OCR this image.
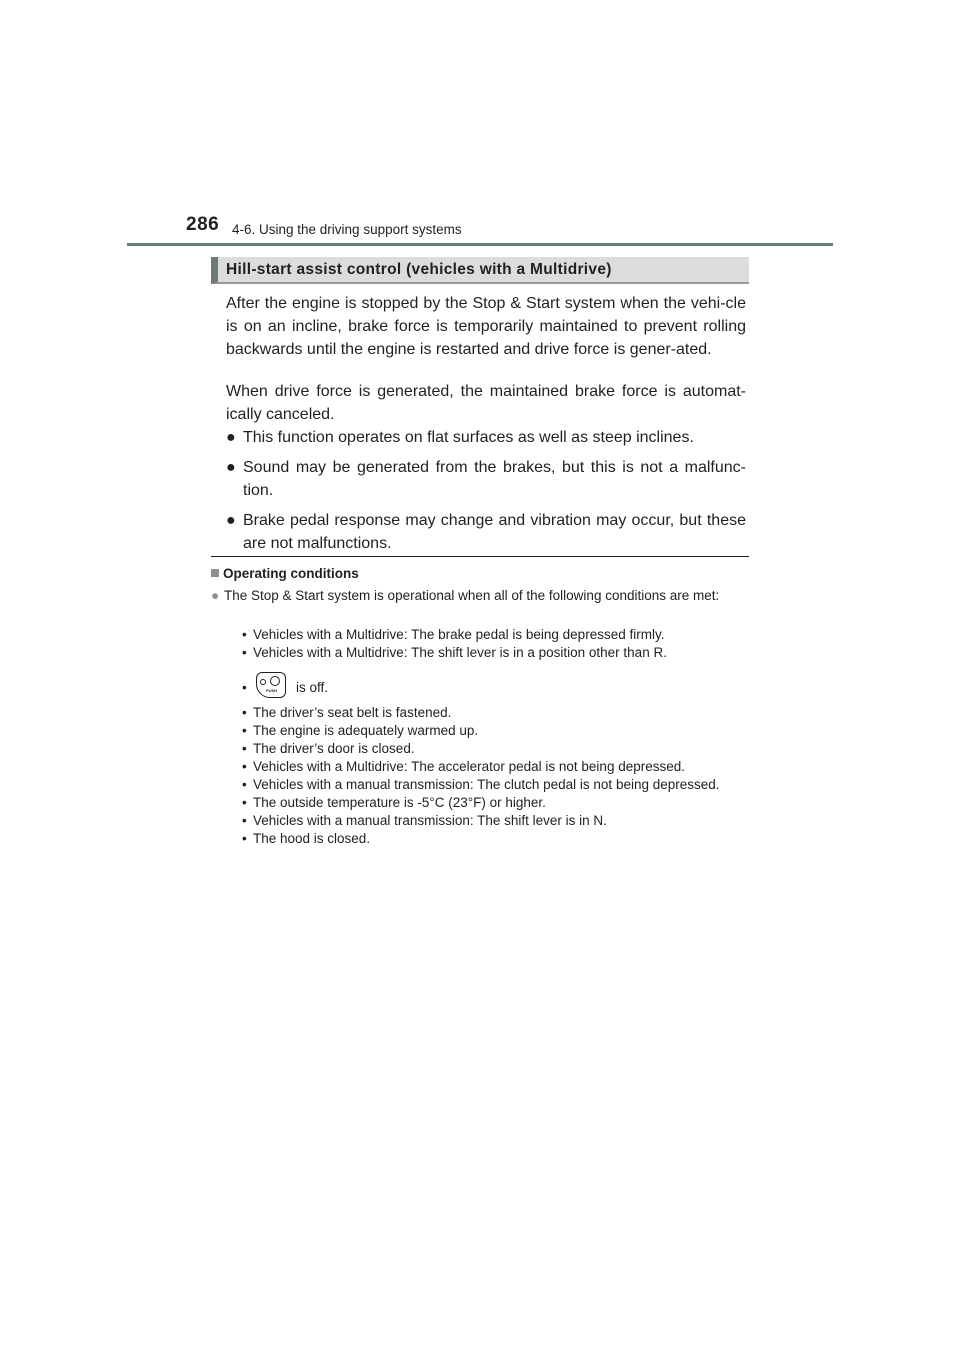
286 4-6. Using the driving support systems
Hill-start assist control (vehicles with a Multidrive)

After the engine is stopped by the Stop & Start system when the vehi-cle is on an incline, brake force is temporarily maintained to prevent rolling backwards until the engine is restarted and drive force is gener-ated.

When drive force is generated, the maintained brake force is automat-ically canceled.

● This function operates on flat surfaces as well as steep inclines.
● Sound may be generated from the brakes, but this is not a malfunc-tion.
● Brake pedal response may change and vibration may occur, but these are not malfunctions.
Operating conditions
● The Stop & Start system is operational when all of the following conditions are met:
• Vehicles with a Multidrive: The brake pedal is being depressed firmly.
• Vehicles with a Multidrive: The shift lever is in a position other than R.
•	PUSH is off.
• The driver’s seat belt is fastened.
• The engine is adequately warmed up.
• The driver’s door is closed.
• Vehicles with a Multidrive: The accelerator pedal is not being depressed.
• Vehicles with a manual transmission: The clutch pedal is not being depressed.
• The outside temperature is -5°C (23°F) or higher.
• Vehicles with a manual transmission: The shift lever is in N.
• The hood is closed.
